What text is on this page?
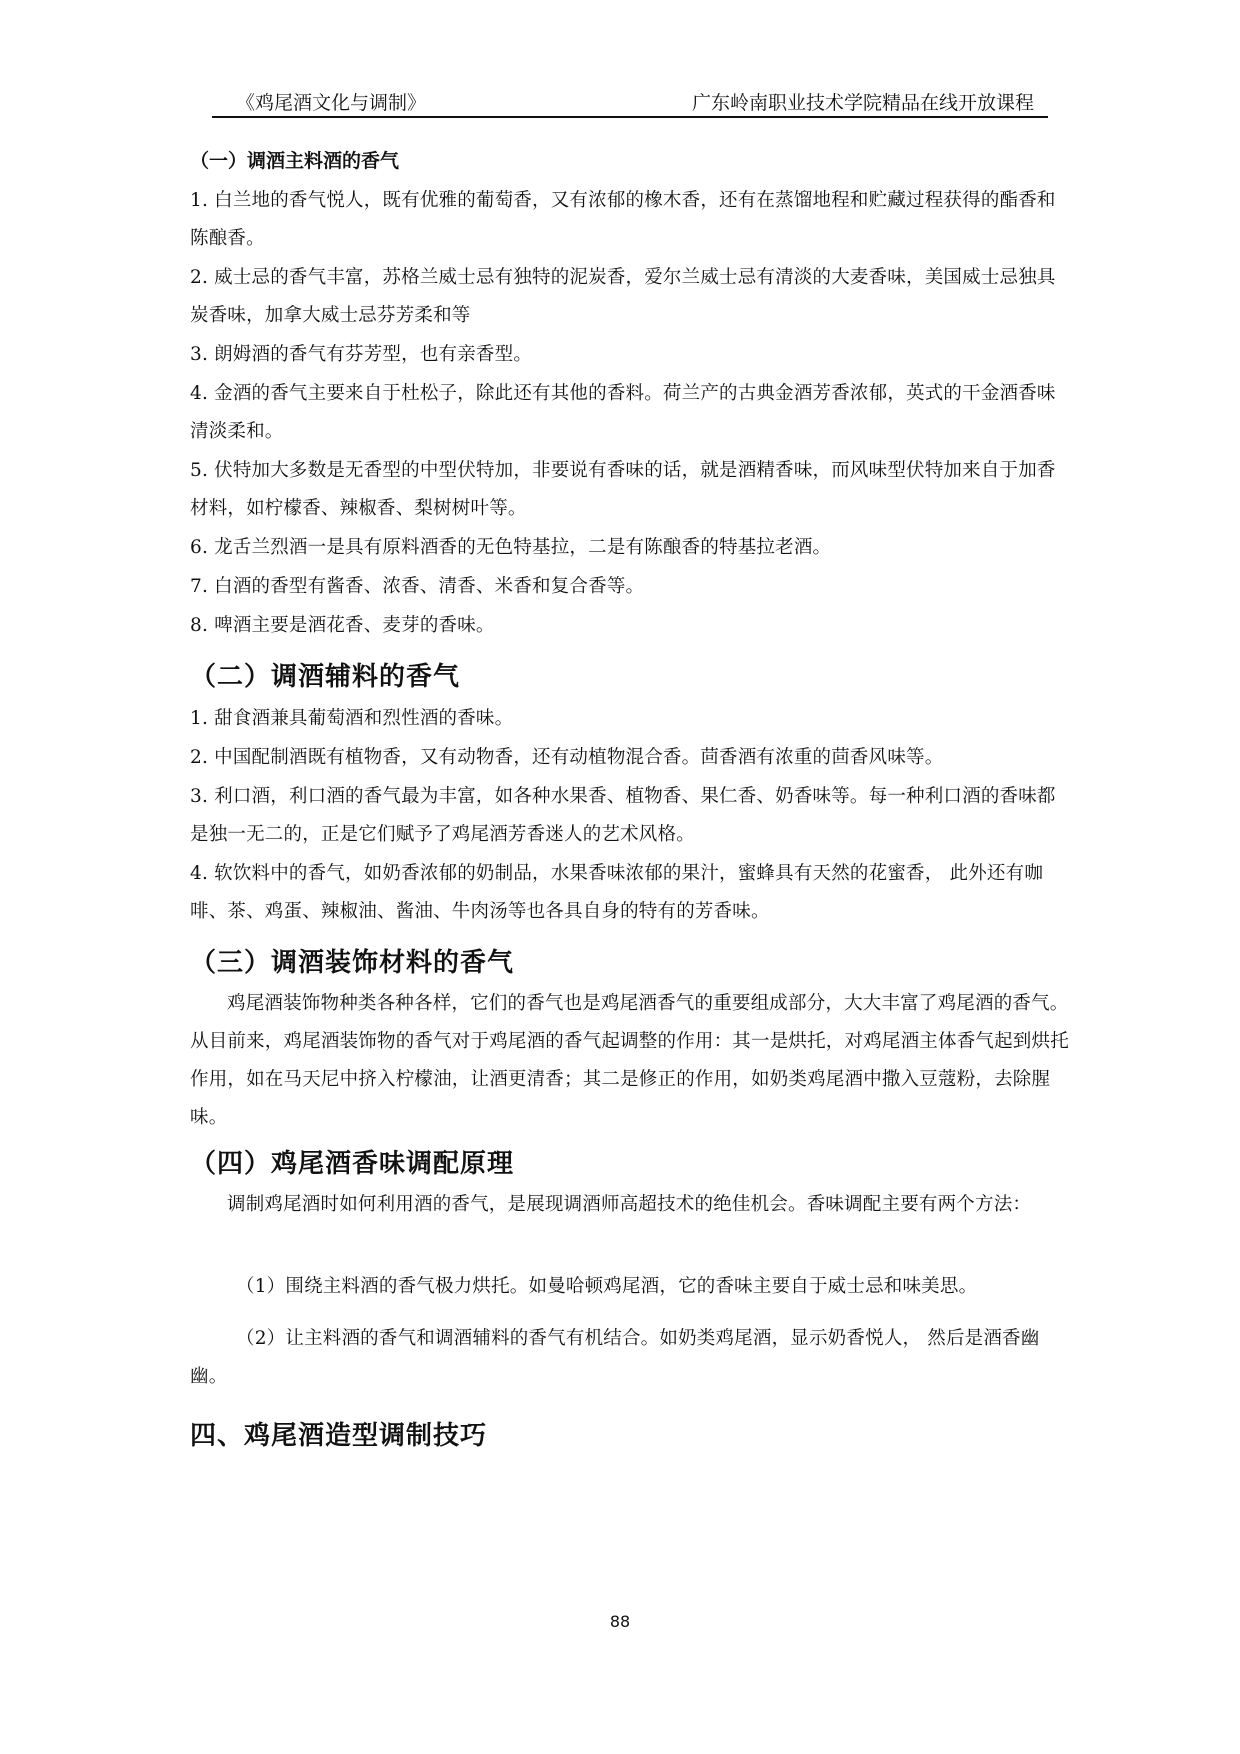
《鸡尾酒文化与调制》	广东岭南职业技术学院精品在线开放课程
（一）调酒主料酒的香气
1. 白兰地的香气悦人，既有优雅的葡萄香，又有浓郁的橡木香，还有在蒸馏地程和贮藏过程获得的酯香和陈酿香。
2. 威士忌的香气丰富，苏格兰威士忌有独特的泥炭香，爱尔兰威士忌有清淡的大麦香味，美国威士忌独具炭香味，加拿大威士忌芬芳柔和等
3. 朗姆酒的香气有芬芳型，也有亲香型。
4. 金酒的香气主要来自于杜松子，除此还有其他的香料。荷兰产的古典金酒芳香浓郁，英式的干金酒香味清淡柔和。
5. 伏特加大多数是无香型的中型伏特加，非要说有香味的话，就是酒精香味，而风味型伏特加来自于加香材料，如柠檬香、辣椒香、梨树树叶等。
6. 龙舌兰烈酒一是具有原料酒香的无色特基拉，二是有陈酿香的特基拉老酒。
7. 白酒的香型有酱香、浓香、清香、米香和复合香等。
8. 啤酒主要是酒花香、麦芽的香味。
（二）调酒辅料的香气
1. 甜食酒兼具葡萄酒和烈性酒的香味。
2. 中国配制酒既有植物香，又有动物香，还有动植物混合香。茴香酒有浓重的茴香风味等。
3. 利口酒，利口酒的香气最为丰富，如各种水果香、植物香、果仁香、奶香味等。每一种利口酒的香味都是独一无二的，正是它们赋予了鸡尾酒芳香迷人的艺术风格。
4. 软饮料中的香气，如奶香浓郁的奶制品，水果香味浓郁的果汁，蜜蜂具有天然的花蜜香， 此外还有咖啡、茶、鸡蛋、辣椒油、酱油、牛肉汤等也各具自身的特有的芳香味。
（三）调酒装饰材料的香气
鸡尾酒装饰物种类各种各样，它们的香气也是鸡尾酒香气的重要组成部分，大大丰富了鸡尾酒的香气。从目前来，鸡尾酒装饰物的香气对于鸡尾酒的香气起调整的作用：其一是烘托，对鸡尾酒主体香气起到烘托作用，如在马天尼中挤入柠檬油，让酒更清香；其二是修正的作用，如奶类鸡尾酒中撒入豆蔻粉，去除腥味。
（四）鸡尾酒香味调配原理
调制鸡尾酒时如何利用酒的香气，是展现调酒师高超技术的绝佳机会。香味调配主要有两个方法：
（1）围绕主料酒的香气极力烘托。如曼哈顿鸡尾酒，它的香味主要自于威士忌和味美思。
（2）让主料酒的香气和调酒辅料的香气有机结合。如奶类鸡尾酒，显示奶香悦人， 然后是酒香幽幽。
四、鸡尾酒造型调制技巧
88
